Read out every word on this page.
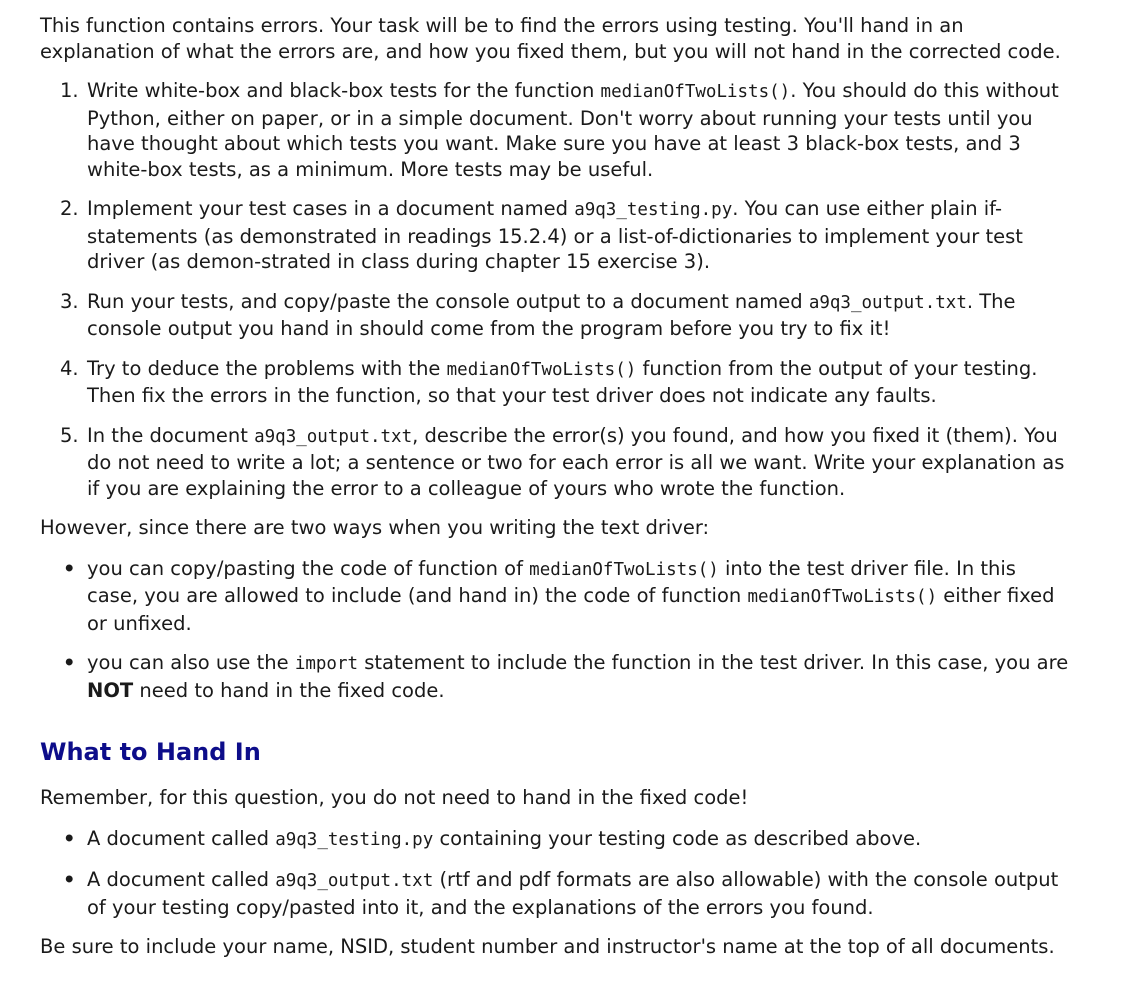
This function contains errors. Your task will be to find the errors using testing. You'll hand in an explanation of what the errors are, and how you fixed them, but you will not hand in the corrected code.

1. Write white-box and black-box tests for the function medianOfTwoLists(). You should do this without Python, either on paper, or in a simple document. Don't worry about running your tests until you have thought about which tests you want. Make sure you have at least 3 black-box tests, and 3 white-box tests, as a minimum. More tests may be useful.
2. Implement your test cases in a document named a9q3_testing.py. You can use either plain if-statements (as demonstrated in readings 15.2.4) or a list-of-dictionaries to implement your test driver (as demon-strated in class during chapter 15 exercise 3).
3. Run your tests, and copy/paste the console output to a document named a9q3_output.txt. The console output you hand in should come from the program before you try to fix it!
4. Try to deduce the problems with the medianOfTwoLists() function from the output of your testing. Then fix the errors in the function, so that your test driver does not indicate any faults.
5. In the document a9q3_output.txt, describe the error(s) you found, and how you fixed it (them). You do not need to write a lot; a sentence or two for each error is all we want. Write your explanation as if you are explaining the error to a colleague of yours who wrote the function.

However, since there are two ways when you writing the text driver:

• you can copy/pasting the code of function of medianOfTwoLists() into the test driver file. In this case, you are allowed to include (and hand in) the code of function medianOfTwoLists() either fixed or unfixed.
• you can also use the import statement to include the function in the test driver. In this case, you are NOT need to hand in the fixed code.
What to Hand In

Remember, for this question, you do not need to hand in the fixed code!

• A document called a9q3_testing.py containing your testing code as described above.
• A document called a9q3_output.txt (rtf and pdf formats are also allowable) with the console output of your testing copy/pasted into it, and the explanations of the errors you found.

Be sure to include your name, NSID, student number and instructor's name at the top of all documents.
